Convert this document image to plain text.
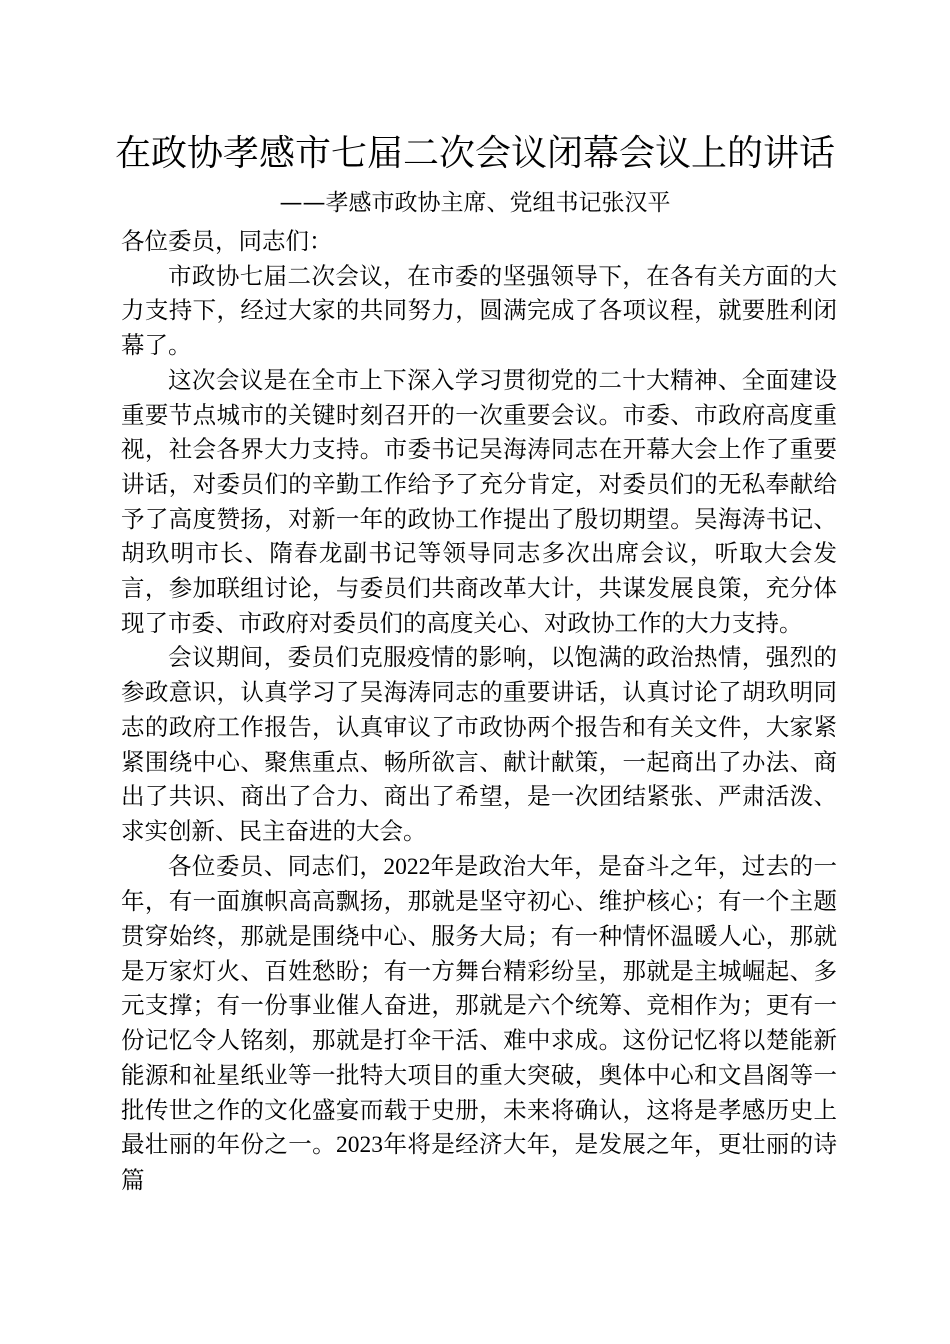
在政协孝感市七届二次会议闭幕会议上的讲话
——孝感市政协主席、党组书记张汉平

各位委员，同志们：

市政协七届二次会议，在市委的坚强领导下，在各有关方面的大力支持下，经过大家的共同努力，圆满完成了各项议程，就要胜利闭幕了。

这次会议是在全市上下深入学习贯彻党的二十大精神、全面建设重要节点城市的关键时刻召开的一次重要会议。市委、市政府高度重视，社会各界大力支持。市委书记吴海涛同志在开幕大会上作了重要讲话，对委员们的辛勤工作给予了充分肯定，对委员们的无私奉献给予了高度赞扬，对新一年的政协工作提出了殷切期望。吴海涛书记、胡玖明市长、隋春龙副书记等领导同志多次出席会议，听取大会发言，参加联组讨论，与委员们共商改革大计，共谋发展良策，充分体现了市委、市政府对委员们的高度关心、对政协工作的大力支持。

会议期间，委员们克服疫情的影响，以饱满的政治热情，强烈的参政意识，认真学习了吴海涛同志的重要讲话，认真讨论了胡玖明同志的政府工作报告，认真审议了市政协两个报告和有关文件，大家紧紧围绕中心、聚焦重点、畅所欲言、献计献策，一起商出了办法、商出了共识、商出了合力、商出了希望，是一次团结紧张、严肃活泼、求实创新、民主奋进的大会。

各位委员、同志们，2022年是政治大年，是奋斗之年，过去的一年，有一面旗帜高高飘扬，那就是坚守初心、维护核心；有一个主题贯穿始终，那就是围绕中心、服务大局；有一种情怀温暖人心，那就是万家灯火、百姓愁盼；有一方舞台精彩纷呈，那就是主城崛起、多元支撑；有一份事业催人奋进，那就是六个统筹、竞相作为；更有一份记忆令人铭刻，那就是打伞干活、难中求成。这份记忆将以楚能新能源和祉星纸业等一批特大项目的重大突破，奥体中心和文昌阁等一批传世之作的文化盛宴而载于史册，未来将确认，这将是孝感历史上最壮丽的年份之一。2023年将是经济大年，是发展之年，更壮丽的诗篇
